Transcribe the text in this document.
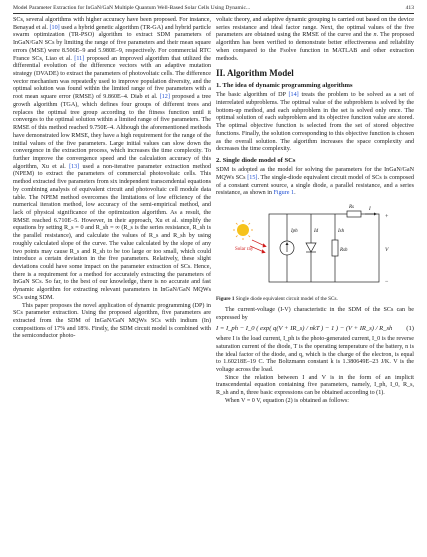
Model Parameter Extraction for InGaN/GaN Multiple Quantum Well-Based Solar Cells Using Dynamic...	413

SCs, several algorithms with higher accuracy have been proposed. For instance, Benayad et al. [10] used a hybrid genetic algorithm (TR-GA) and hybrid particle swarm optimization (TR-PSO) algorithm to extract SDM parameters of InGaN/GaN SCs by limiting the range of five parameters and their mean square errors (MSE) were 8.506E–9 and 5.980E–9, respectively. For commercial RTC France SCs, Liao et al. [11] proposed an improved algorithm that utilized the differential evolution of the difference vectors with an adaptive mutation strategy (DVADE) to extract the parameters of photovoltaic cells. The difference vector mechanism was repeatedly used to improve population diversity, and the optimal solution was found within the limited range of five parameters with a root mean square error (RMSE) of 9.860E–4. Diab et al. [12] proposed a tree growth algorithm (TGA), which defines four groups of different trees and replaces the optimal tree group according to the fitness function until it converges to the optimal solution within a limited range of five parameters. The RMSE of this method reached 9.750E–4. Although the aforementioned methods have demonstrated low RMSE, they have a high requirement for the range of the initial values of the five parameters. Large initial values can slow down the convergence in the extraction process, which increases the time complexity. To further improve the convergence speed and the calculation accuracy of this algorithm, Xu et al. [13] used a non-iterative parameter extraction method (NPEM) to extract the parameters of commercial photovoltaic cells. This method extracted five parameters from six independent transcendental equations by combining analysis of equivalent circuit and photovoltaic cell module data table. The NPEM method overcomes the limitations of low efficiency of the numerical iteration method, low accuracy of the semi-empirical method, and lack of physical significance of the optimization algorithm. As a result, the RMSE reached 6.710E–5. However, in their approach, Xu et al. simplify the equations by setting R_s = 0 and R_sh = ∞ (R_s is the series resistance, R_sh is the parallel resistance), and calculate the values of R_s and R_sh by using roughly calculated slope of the curve. The value calculated by the slope of any two points may cause R_s and R_sh to be too large or too small, which could introduce a certain deviation in the five parameters. Relatively, these slight deviations could have some impact on the parameter extraction of SCs. Hence, there is a requirement for a method for accurately extracting the parameters of InGaN SCs. So far, to the best of our knowledge, there is no accurate and fast dynamic algorithm for extracting relevant parameters in InGaN/GaN MQWs SCs using SDM.

This paper proposes the novel application of dynamic programming (DP) in SCs parameter extraction. Using the proposed algorithm, five parameters are extracted from the SDM of InGaN/GaN MQWs SCs with indium (In) compositions of 17% and 18%. Firstly, the SDM circuit model is combined with the semiconductor photo-

voltaic theory, and adaptive dynamic grouping is carried out based on the device series resistance and ideal factor range. Next, the optimal values of the five parameters are obtained using the RMSE of the curve and the n. The proposed algorithm has been verified to demonstrate better effectiveness and reliability when compared to the Fsolve function in MATLAB and other extraction methods.

II. Algorithm Model
1. The idea of dynamic programming algorithms

The basic algorithm of DP [14] treats the problem to be solved as a set of interrelated subproblems. The optimal value of the subproblem is solved by the bottom-up method, and each subproblem in the set is solved only once. The optimal solution of each subproblem and its objective function value are stored. The optimal objective function is selected from the set of stored objective functions. Finally, the solution corresponding to this objective function is chosen as the overall solution. The algorithm increases the space complexity and decreases the time complexity.

2. Single diode model of SCs

SDM is adopted as the model for solving the parameters for the InGaN/GaN MQWs SCs [15]. The single-diode equivalent circuit model of SCs is composed of a constant current source, a single diode, a parallel resistance, and a series resistance, as shown in Figure 1.

Solar ray
Iph	Id	Ish
Rsh
Rs	I
+
−
V
Figure 1 Single diode equivalent circuit model of the SCs.

The current-voltage (I-V) characteristic in the SDM of the SCs can be expressed by

I = I_ph − I_0 ( exp( q(V + IR_s) / nkT ) − 1 ) − (V + IR_s) / R_sh (1)

where I is the load current, I_ph is the photo-generated current, I_0 is the reverse saturation current of the diode, T is the operating temperature of the battery, n is the ideal factor of the diode, and q, which is the charge of the electron, is equal to 1.60218E–19 C. The Boltzmann constant k is 1.380649E–23 J/K. V is the voltage across the load.

Since the relation between I and V is in the form of an implicit transcendental equation containing five parameters, namely, I_ph, I_0, R_s, R_sh and n, three basic expressions can be obtained according to (1).

When V = 0 V, equation (2) is obtained as follows:
